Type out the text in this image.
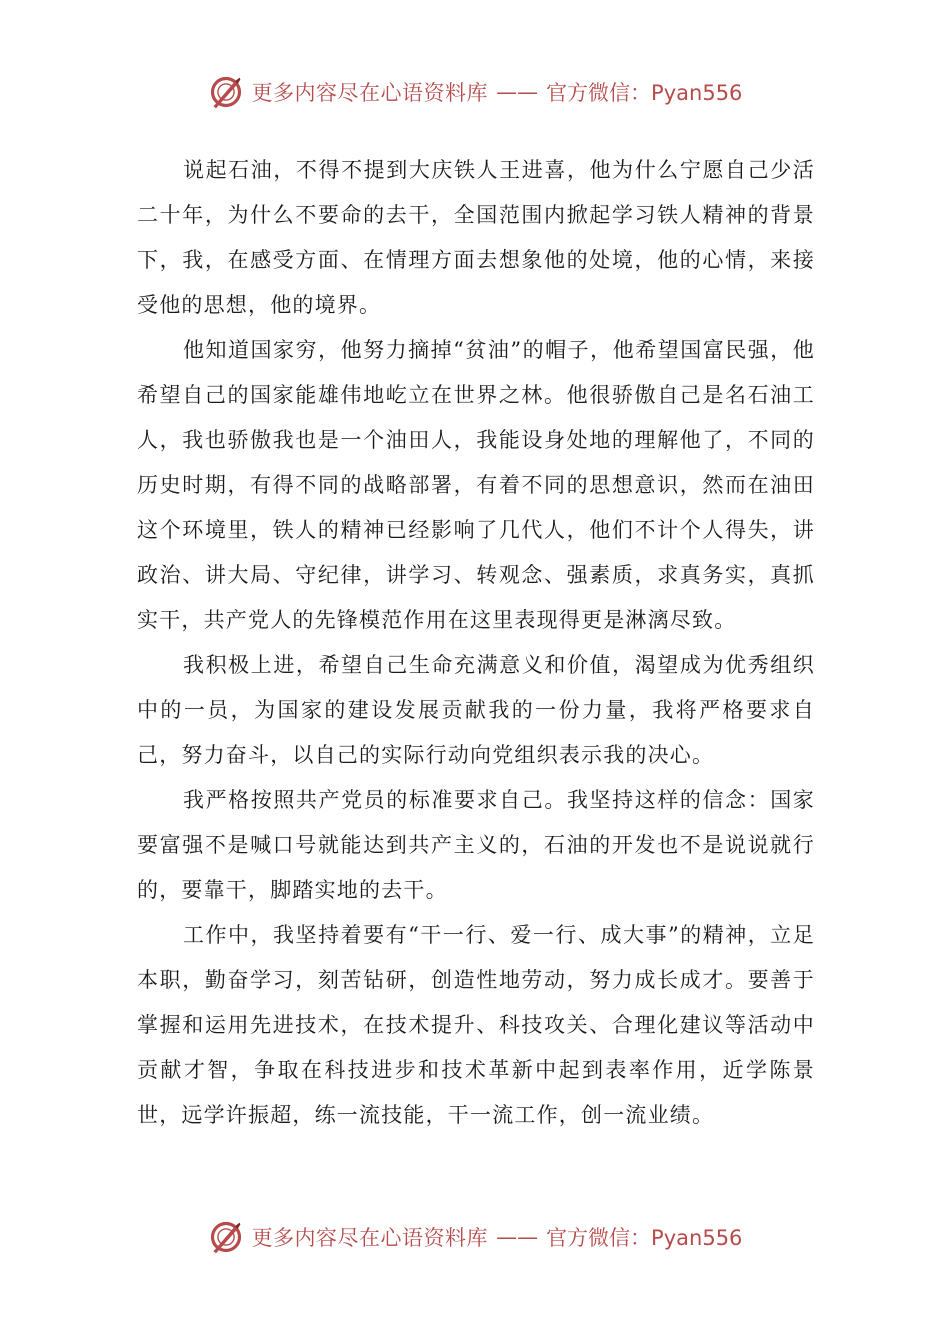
更多内容尽在心语资料库 —— 官方微信：Pyan556

说起石油，不得不提到大庆铁人王进喜，他为什么宁愿自己少活二十年，为什么不要命的去干，全国范围内掀起学习铁人精神的背景下，我，在感受方面、在情理方面去想象他的处境，他的心情，来接受他的思想，他的境界。

他知道国家穷，他努力摘掉“贫油”的帽子，他希望国富民强，他希望自己的国家能雄伟地屹立在世界之林。他很骄傲自己是名石油工人，我也骄傲我也是一个油田人，我能设身处地的理解他了，不同的历史时期，有得不同的战略部署，有着不同的思想意识，然而在油田这个环境里，铁人的精神已经影响了几代人，他们不计个人得失，讲政治、讲大局、守纪律，讲学习、转观念、强素质，求真务实，真抓实干，共产党人的先锋模范作用在这里表现得更是淋漓尽致。

我积极上进，希望自己生命充满意义和价值，渴望成为优秀组织中的一员，为国家的建设发展贡献我的一份力量，我将严格要求自己，努力奋斗，以自己的实际行动向党组织表示我的决心。

我严格按照共产党员的标准要求自己。我坚持这样的信念：国家要富强不是喊口号就能达到共产主义的，石油的开发也不是说说就行的，要靠干，脚踏实地的去干。

工作中，我坚持着要有“干一行、爱一行、成大事”的精神，立足本职，勤奋学习，刻苦钻研，创造性地劳动，努力成长成才。要善于掌握和运用先进技术，在技术提升、科技攻关、合理化建议等活动中贡献才智，争取在科技进步和技术革新中起到表率作用，近学陈景世，远学许振超，练一流技能，干一流工作，创一流业绩。

更多内容尽在心语资料库 —— 官方微信：Pyan556
